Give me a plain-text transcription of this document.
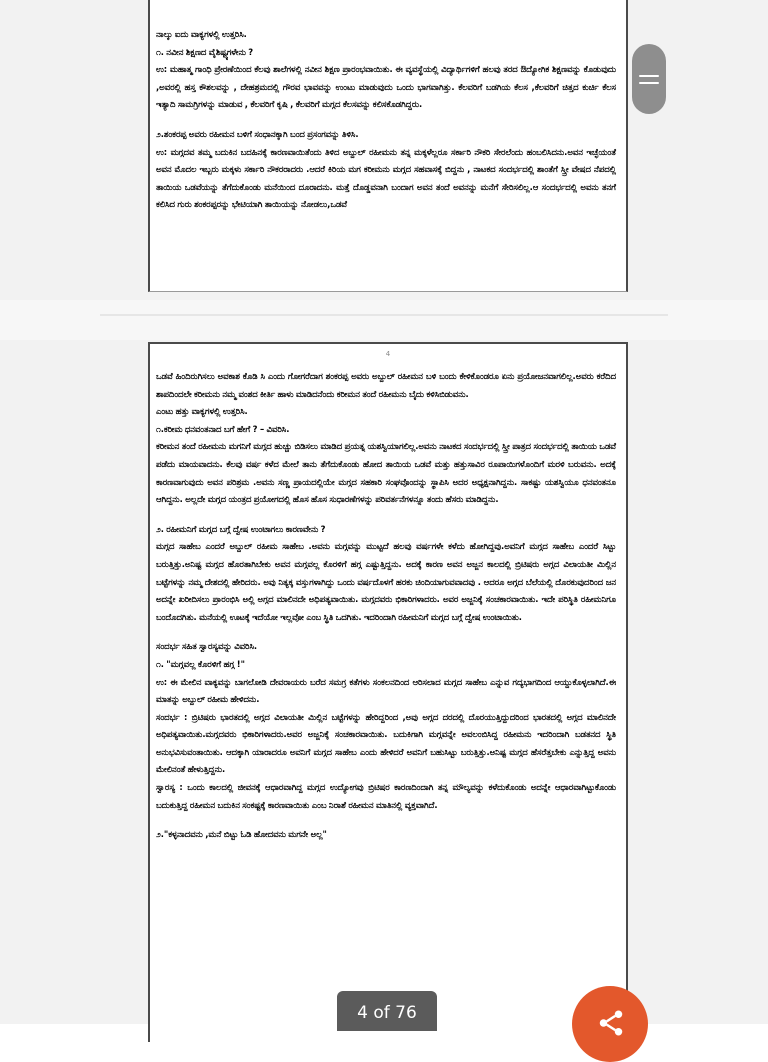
ನಾಲ್ಕು ಐದು ವಾಕ್ಯಗಳಲ್ಲಿ ಉತ್ತರಿಸಿ.

೧. ನವೀನ ಶಿಕ್ಷಣದ ವೈಶಿಷ್ಟ್ಯಗಳೇನು ?

ಉ: ಮಹಾತ್ಮ ಗಾಂಧಿ ಪ್ರೇರಣೆಯಿಂದ ಕೆಲವು ಶಾಲೆಗಳಲ್ಲಿ ನವೀನ ಶಿಕ್ಷಣ ಪ್ರಾರಂಭವಾಯಿತು. ಈ ವ್ಯವಸ್ಥೆಯಲ್ಲಿ ವಿದ್ಯಾರ್ಥಿಗಳಿಗೆ ಹಲವು ತರದ ಔದ್ಯೋಗಿಕ ಶಿಕ್ಷಣವನ್ನು ಕೊಡುವುದು ,ಅವರಲ್ಲಿ ಹಸ್ತ ಕೌಶಲವನ್ನು , ದೇಹಶ್ರಮದಲ್ಲಿ ಗೌರವ ಭಾವವನ್ನು ಉಂಟು ಮಾಡುವುದು ಒಂದು ಭಾಗವಾಗಿತ್ತು. ಕೆಲವರಿಗೆ ಬಡಗಿಯ ಕೆಲಸ ,ಕೆಲವರಿಗೆ ಚಿತ್ತದ ಕುರ್ಚಿ ಕೆಲಸ ಇತ್ಯಾದಿ ಸಾಮಗ್ರಿಗಳನ್ನು ಮಾಡುವ , ಕೆಲವರಿಗೆ ಕೃಷಿ , ಕೆಲವರಿಗೆ ಮಗ್ಗದ ಕೆಲಸವನ್ನು ಕಲಿಸಕೊಡಗಿದ್ದರು.

೨.ಶಂಕರಪ್ಪ ಅವರು ರಹೀಮನ ಬಳಿಗೆ ಸಂಧಾನಕ್ಕಾಗಿ ಬಂದ ಪ್ರಸಂಗವನ್ನು ತಿಳಿಸಿ.

ಉ: ಮಗ್ಗದವ ತಮ್ಮ ಬದುಕಿನ ಬದಹಿನಕ್ಕೆ ಕಾರಣವಾಯಿತೆಂದು ತಿಳಿದ ಅಬ್ದುಲ್ ರಹೀಮನು ತನ್ನ ಮಕ್ಕಳೆಲ್ಲರೂ ಸರ್ಕಾರಿ ನೌಕರಿ ಸೇರಲೆಂದು ಹಂಬಲಿಸಿದನು.ಅವನ ಇಚ್ಛೆಯಂತೆ ಅವನ ಮೊದಲ ಇಬ್ಬರು ಮಕ್ಕಳು ಸರ್ಕಾರಿ ನೌಕರರಾದರು .ಆದರೆ ಕಿರಿಯ ಮಗ ಕರೀಮನು ಮಗ್ಗದ ಸಹವಾಸಕ್ಕೆ ಬಿದ್ದನು , ನಾಟಕದ ಸಂದರ್ಭದಲ್ಲಿ ಶಾಂತೆಗೆ ಸ್ತ್ರೀ ವೇಷದ ನೆಪದಲ್ಲಿ ತಾಯಿಯ ಒಡವೆಯನ್ನು ತೆಗೆದುಕೊಂಡು ಮನೆಯಿಂದ ದೂರಾದನು. ಮತ್ತೆ ದೊಡ್ಡವನಾಗಿ ಬಂದಾಗ ಅವನ ತಂದೆ ಅವನನ್ನು ಮನೆಗೆ ಸೇರಿಸಲಿಲ್ಲ.ಆ ಸಂದರ್ಭದಲ್ಲಿ ಅವನು ತನಗೆ ಕಲಿಸಿದ ಗುರು ಶಂಕರಪ್ಪರನ್ನು ಭೇಟಿಯಾಗಿ ತಾಯಿಯನ್ನು ನೋಡಲು,ಒಡವೆ

4

ಒಡವೆ ಹಿಂದಿರುಗಿಸಲು ಅವಕಾಶ ಕೊಡಿ ಸಿ ಎಂದು ಗೋಗರೆದಾಗ ಶಂಕರಪ್ಪ ಅವರು ಅಬ್ದುಲ್ ರಹೀಮನ ಬಳಿ ಬಂದು ಕೇಳಿಕೊಂಡರೂ ಏನು ಪ್ರಯೋಜನವಾಗಲಿಲ್ಲ.ಅವರು ಕರೆದಿದ ಶಾಪದಿಂದಲೇ ಕರೀಮನು ನಮ್ಮ ವಂಶದ ಕೀರ್ತಿ ಹಾಳು ಮಾಡಿದನೆಂದು ಕರೀಮನ ತಂದೆ ರಹೀಮನು ಬೈದು ಕಳಿಸಿಬಿಡುವನು.

ಎಂಟು ಹತ್ತು ವಾಕ್ಯಗಳಲ್ಲಿ ಉತ್ತರಿಸಿ.

೧.ಕರೀಮ ಧನವಂತನಾದ ಬಗೆ ಹೇಗೆ ? – ವಿವರಿಸಿ.

ಕರೀಮನ ತಂದೆ ರಹೀಮನು ಮಗನಿಗೆ ಮಗ್ಗದ ಹುಚ್ಚು ಬಿಡಿಸಲು ಮಾಡಿದ ಪ್ರಯತ್ನ ಯಶಸ್ವಿಯಾಗಲಿಲ್ಲ.ಅವನು ನಾಟಕದ ಸಂದರ್ಭದಲ್ಲಿ ಸ್ತ್ರೀ ಪಾತ್ರದ ಸಂದರ್ಭದಲ್ಲಿ ತಾಯಿಯ ಒಡವೆ ಪಡೆದು ಮಾಯವಾದನು. ಕೆಲವು ವರ್ಷ ಕಳೆದ ಮೇಲೆ ತಾನು ತೆಗೆದುಕೊಂಡು ಹೋದ ತಾಯಿಯ ಒಡವೆ ಮತ್ತು ಹತ್ತುಸಾವಿರ ರೂಪಾಯಿಗಳೊಂದಿಗೆ ಮರಳಿ ಬರುವನು. ಅದಕ್ಕೆ ಕಾರಣವಾಗುವುದು ಅವನ ಪರಿಶ್ರಮ .ಅವನು ಸಣ್ಣ ಪ್ರಾಯದಲ್ಲಿಯೇ ಮಗ್ಗದ ಸಹಕಾರಿ ಸಂಘವೊಂದನ್ನು ಸ್ಥಾಪಿಸಿ ಅದರ ಅಧ್ಯಕ್ಷನಾಗಿದ್ದನು. ಸಾಕಷ್ಟು ಯಶಸ್ವಿಯೂ ಧನವಂತನೂ ಆಗಿದ್ದನು. ಅಲ್ಲದೇ ಮಗ್ಗದ ಯಂತ್ರದ ಪ್ರಯೋಗದಲ್ಲಿ ಹೊಸ ಹೊಸ ಸುಧಾರಣೆಗಳನ್ನು ಪರಿವರ್ತನೆಗಳನ್ನೂ ತಂದು ಹೆಸರು ಮಾಡಿದ್ದನು.

೨. ರಹೀಮನಿಗೆ ಮಗ್ಗದ ಬಗ್ಗೆ ದ್ವೇಷ ಉಂಟಾಗಲು ಕಾರಣವೇನು ?

ಮಗ್ಗದ ಸಾಹೇಬ ಎಂದರೆ ಅಬ್ದುಲ್ ರಹೀಮ ಸಾಹೇಬ .ಅವನು ಮಗ್ಗವನ್ನು ಮುಟ್ಟದೆ ಹಲವು ವರ್ಷಗಳೇ ಕಳೆದು ಹೋಗಿದ್ದವು.ಅವನಿಗೆ ಮಗ್ಗದ ಸಾಹೇಬ ಎಂದರೆ ಸಿಟ್ಟು ಬರುತ್ತಿತ್ತು.ಅನಿಷ್ಟ ಮಗ್ಗದ ಹೊರತಾಗಿಬೇಕು ಅವನ ಮಗ್ಗವಲ್ಲ ಕೊರಳಿಗೆ ಹಗ್ಗ ಎಷ್ಟುತ್ತಿದ್ದನು. ಅದಕ್ಕೆ ಕಾರಣ ಅವನ ಅಜ್ಜನ ಕಾಲದಲ್ಲಿ ಬ್ರಿಟಿಷರು ಅಗ್ಗದ ವಿಲಾಯತೀ ಮಿಲ್ಲಿನ ಬಟ್ಟೆಗಳನ್ನು ನಮ್ಮ ದೇಶದಲ್ಲಿ ಹೇರಿದರು. ಅವು ನಿತ್ಯಕ್ಕ ವಸ್ತುಗಳಾಗಿದ್ದು ಒಂದು ವರ್ಷದೊಳಗೆ ಹರಕು ಚಿಂದಿಯಾಗುವವಾದವು . ಆದರೂ ಅಗ್ಗದ ಬೆಲೆಯಲ್ಲಿ ದೊರಕುವುದರಿಂದ ಜನ ಅದನ್ನೇ ಖರೀದಿಸಲು ಪ್ರಾರಂಭಿಸಿ ಅಲ್ಲಿ ಅಗ್ಗದ ಮಾಲಿನದೇ ಅಧಿಪತ್ಯವಾಯಿತು. ಮಗ್ಗದವರು ಭಿಕಾರಿಗಳಾದರು. ಅವರ ಅಜ್ಜನಿಕ್ಕೆ ಸಂಚಕಾರವಾಯಿತು. ಇದೇ ಪರಿಸ್ಥಿತಿ ರಹೀಮನಿಗೂ ಬಂದೊದಗಿತು. ಮನೆಯಲ್ಲಿ ಊಟಕ್ಕೆ ಇದೆಯೋ ಇಲ್ಲವೋ ಎಂಬ ಸ್ಥಿತಿ ಒದಗಿತು. ಇದರಿಂದಾಗಿ ರಹೀಮನಿಗೆ ಮಗ್ಗದ ಬಗ್ಗೆ ದ್ವೇಷ ಉಂಟಾಯಿತು.

ಸಂದರ್ಭ ಸಹಿತ ಸ್ವಾರಸ್ಯವನ್ನು ವಿವರಿಸಿ.

೧. "ಮಗ್ಗವಲ್ಲ ಕೊರಳಿಗೆ ಹಗ್ಗ !"

ಉ: ಈ ಮೇಲಿನ ವಾಕ್ಯವನ್ನು ಬಾಗಲೋಡಿ ದೇವರಾಯರು ಬರೆದ ಸಮಗ್ರ ಕತೆಗಳು ಸಂಕಲನದಿಂದ ಆರಿಸಲಾದ ಮಗ್ಗದ ಸಾಹೇಬ ಎನ್ನುವ ಗದ್ಯಭಾಗದಿಂದ ಆಯ್ದುಕೊಳ್ಳಲಾಗಿದೆ.ಈ ಮಾತನ್ನು ಅಬ್ದುಲ್ ರಹೀಮ ಹೇಳಿದನು.

ಸಂದರ್ಭ : ಬ್ರಿಟಿಷರು ಭಾರತದಲ್ಲಿ ಅಗ್ಗದ ವಿಲಾಯತೀ ಮಿಲ್ಲಿನ ಬಟ್ಟೆಗಳನ್ನು ಹೇರಿದ್ದರಿಂದ ,ಅವು ಅಗ್ಗದ ದರದಲ್ಲಿ ದೊರಯುತ್ತಿದ್ದುದರಿಂದ ಭಾರತದಲ್ಲಿ ಅಗ್ಗದ ಮಾಲಿನದೇ ಅಧಿಪತ್ಯವಾಯಿತು.ಮಗ್ಗದವರು ಭಿಕಾರಿಗಳಾದರು.ಅವರ ಅಜ್ಜನಿಕ್ಕೆ ಸಂಚಕಾರವಾಯಿತು. ಬದುಕಿಗಾಗಿ ಮಗ್ಗವನ್ನೇ ಅವಲಂಬಿಸಿದ್ದ ರಹೀಮನು ಇದರಿಂದಾಗಿ ಬಡತನದ ಸ್ಥಿತಿ ಅನುಭವಿಸುವಂತಾಯಿತು. ಆದಕ್ಕಾಗಿ ಯಾರಾದರೂ ಅವನಿಗೆ ಮಗ್ಗದ ಸಾಹೇಬ ಎಂದು ಹೇಳಿದರೆ ಅವನಿಗೆ ಬಹುಸಿಟ್ಟು ಬರುತ್ತಿತ್ತು.ಅನಿಷ್ಟ ಮಗ್ಗದ ಹೆಸರೆತ್ತಬೇಕು ಎನ್ನುತ್ತಿದ್ದ ಅವನು ಮೇಲಿನಂತೆ ಹೇಳುತ್ತಿದ್ದನು.

ಸ್ವಾರಸ್ಯ : ಒಂದು ಕಾಲದಲ್ಲಿ ಜೀವನಕ್ಕೆ ಆಧಾರವಾಗಿದ್ದ ಮಗ್ಗದ ಉದ್ಯೋಗವು ಬ್ರಿಟಿಷರ ಕಾರಣದಿಂದಾಗಿ ತನ್ನ ಮೌಲ್ಯವನ್ನು ಕಳೆದುಕೊಂಡು ಅದನ್ನೇ ಆಧಾರವಾಗಿಟ್ಟುಕೊಂಡು ಬದುಕುತ್ತಿದ್ದ ರಹೀಮನ ಬದುಕಿನ ಸಂಕಷ್ಟಕ್ಕೆ ಕಾರಣವಾಯಿತು ಎಂಬ ನಿರಾಶೆ ರಹೀಮನ ಮಾತಿನಲ್ಲಿ ವ್ಯಕ್ತವಾಗಿದೆ.

೨."ಕಳ್ಳನಾದವನು ,ಮನೆ ಬಿಟ್ಟು ಓಡಿ ಹೋದವನು ಮಗನೇ ಅಲ್ಲ"

4 of 76
